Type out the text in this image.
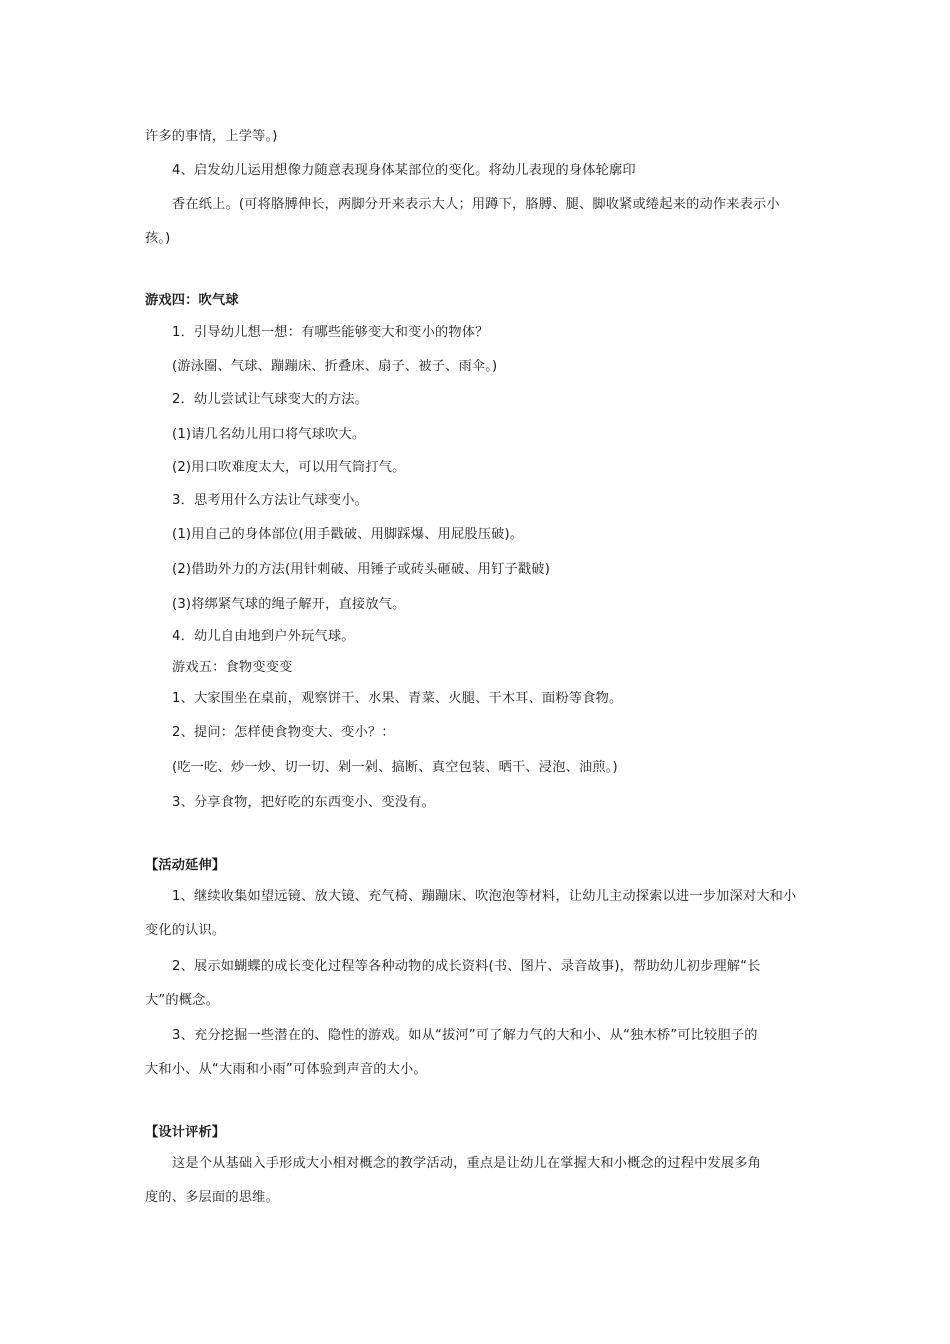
许多的事情，上学等。)
4、启发幼儿运用想像力随意表现身体某部位的变化。将幼儿表现的身体轮廓印
香在纸上。(可将胳膊伸长，两脚分开来表示大人；用蹲下，胳膊、腿、脚收紧或绻起来的动作来表示小
孩。)
游戏四：吹气球
1．引导幼儿想一想：有哪些能够变大和变小的物体？
(游泳圈、气球、蹦蹦床、折叠床、扇子、被子、雨伞。)
2．幼儿尝试让气球变大的方法。
(1)请几名幼儿用口将气球吹大。
(2)用口吹难度太大，可以用气筒打气。
3．思考用什么方法让气球变小。
(1)用自己的身体部位(用手戳破、用脚踩爆、用屁股压破)。
(2)借助外力的方法(用针刺破、用锤子或砖头砸破、用钉子戳破)
(3)将绑紧气球的绳子解开，直接放气。
4．幼儿自由地到户外玩气球。
游戏五：食物变变变
1、大家围坐在桌前，观察饼干、水果、青菜、火腿、干木耳、面粉等食物。
2、提问：怎样使食物变大、变小？：
(吃一吃、炒一炒、切一切、剁一剁、搞断、真空包装、晒干、浸泡、油煎。)
3、分享食物，把好吃的东西变小、变没有。
【活动延伸】
1、继续收集如望远镜、放大镜、充气椅、蹦蹦床、吹泡泡等材料，让幼儿主动探索以进一步加深对大和小
变化的认识。
2、展示如蝴蝶的成长变化过程等各种动物的成长资料(书、图片、录音故事)，帮助幼儿初步理解“长
大”的概念。
3、充分挖掘一些潜在的、隐性的游戏。如从“拔河”可了解力气的大和小、从“独木桥”可比较胆子的
大和小、从“大雨和小雨”可体验到声音的大小。
【设计评析】
这是个从基础入手形成大小相对概念的教学活动，重点是让幼儿在掌握大和小概念的过程中发展多角
度的、多层面的思维。
